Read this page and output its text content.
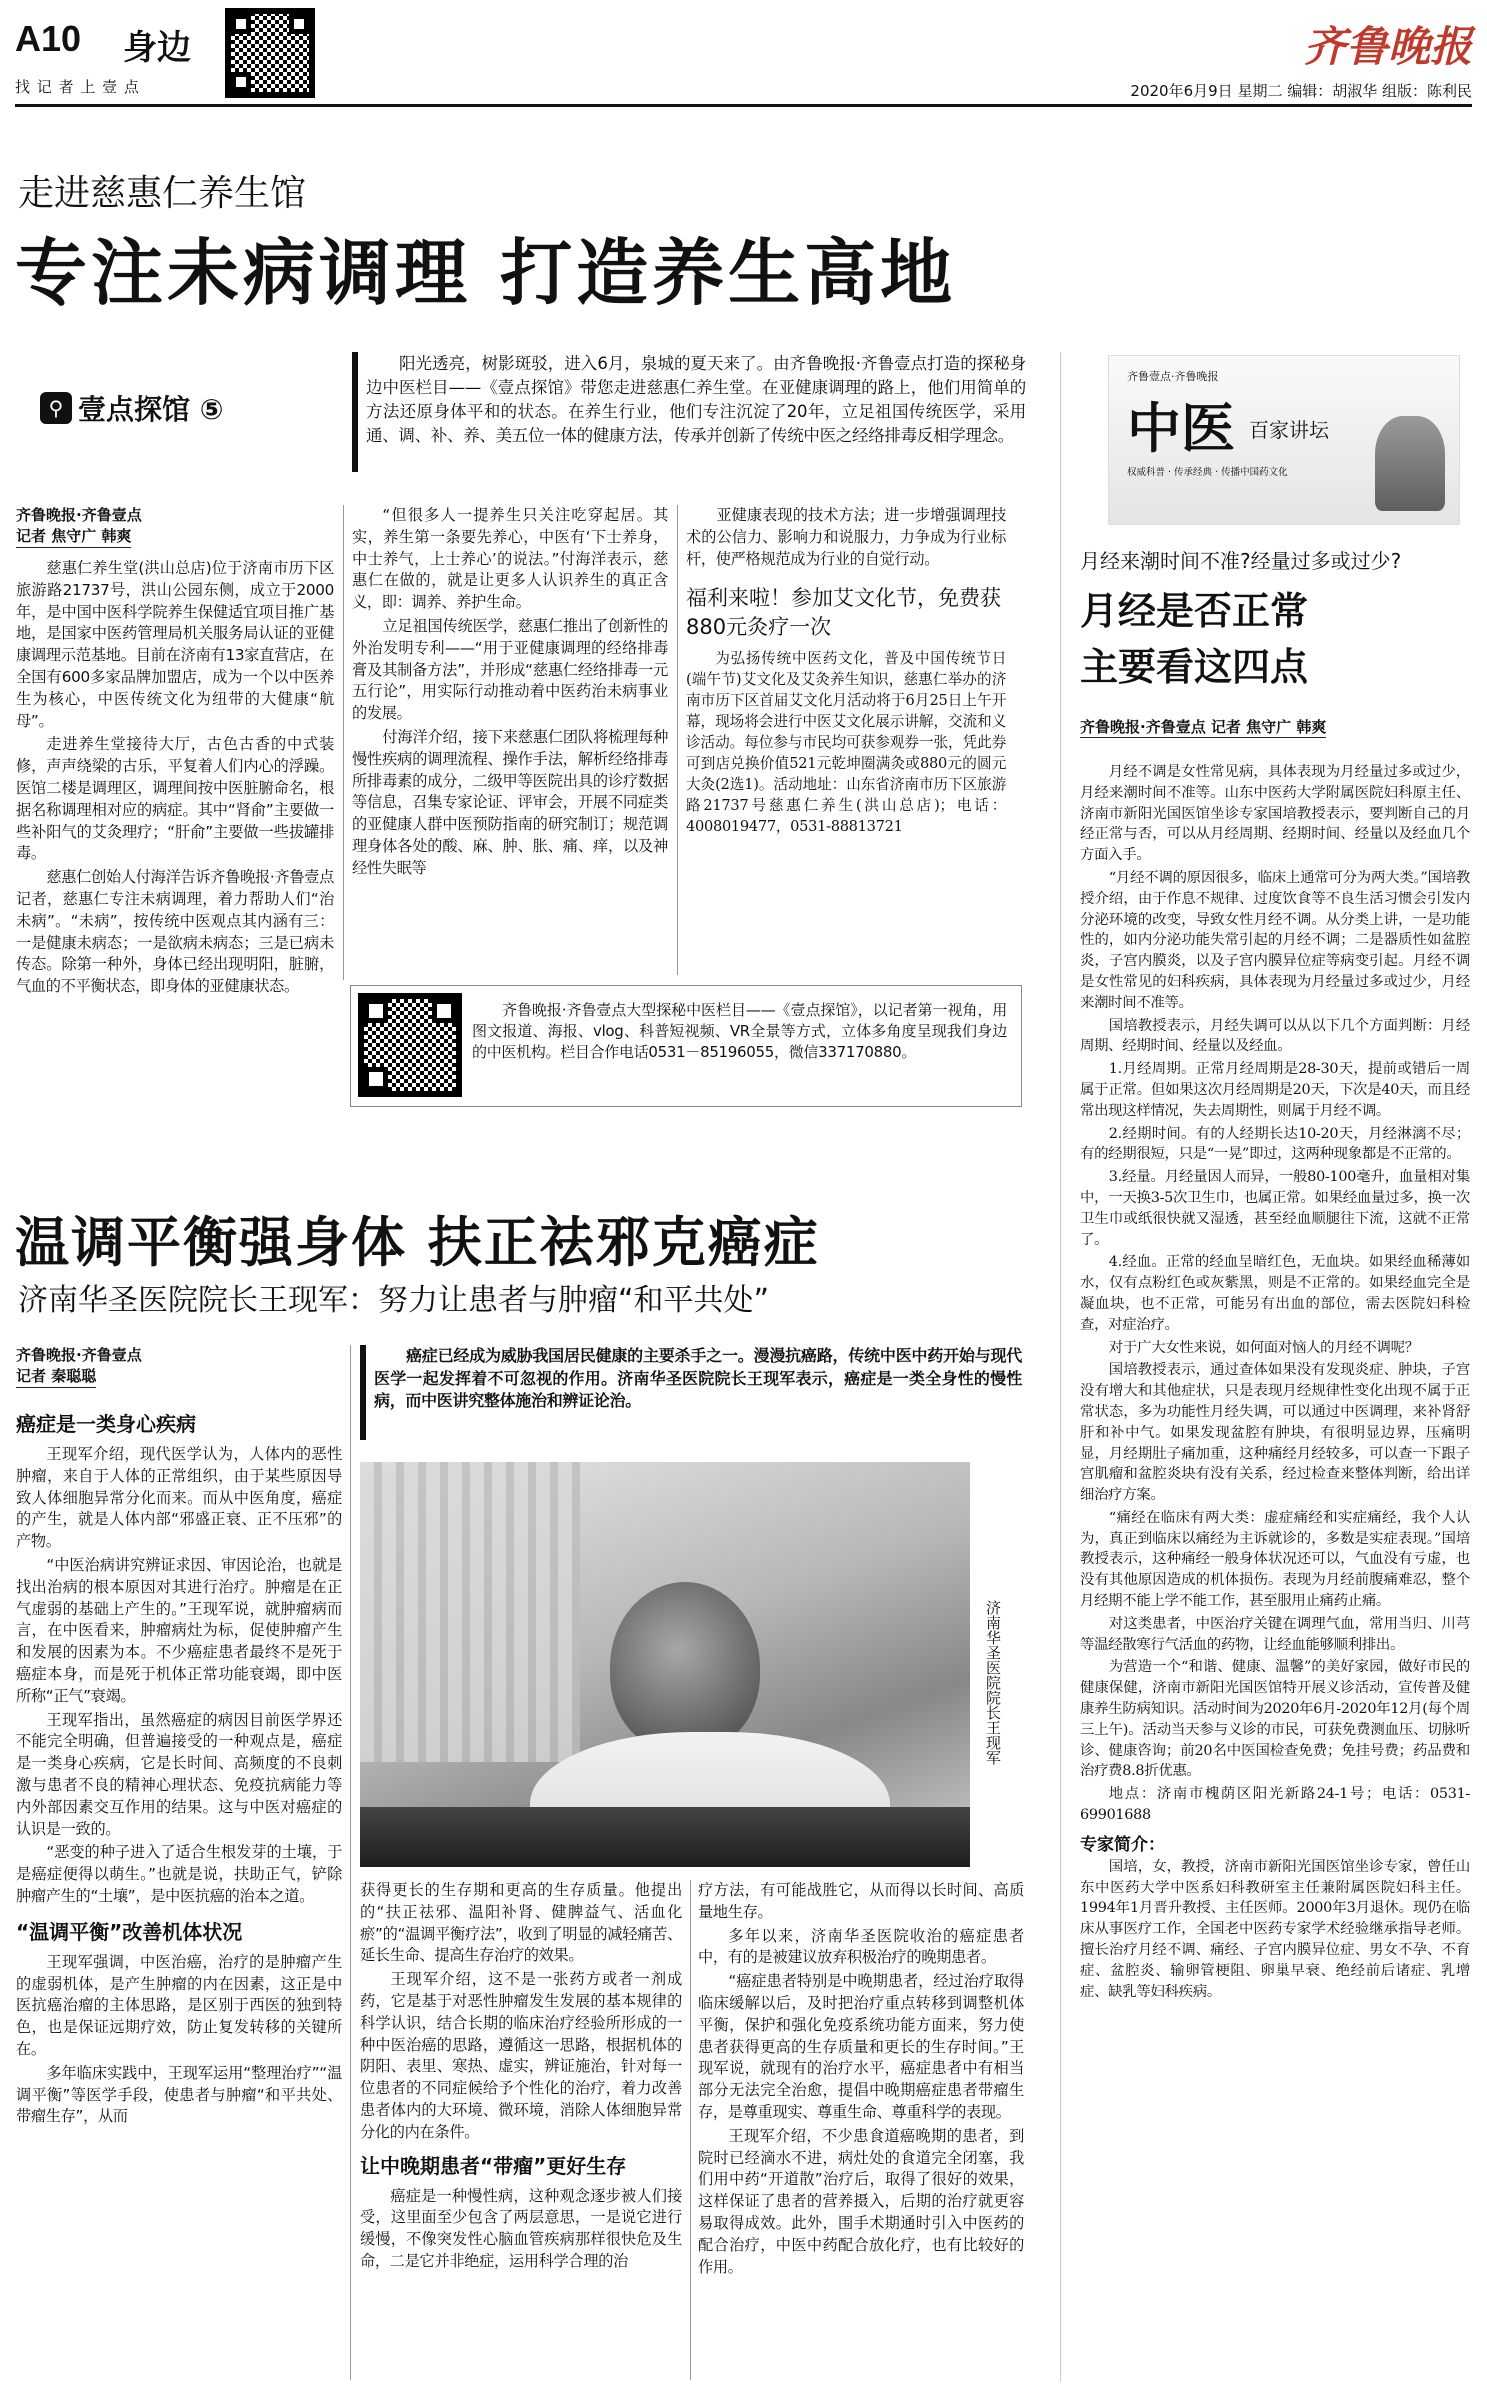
A10 身边
找 记 者 上 壹 点
齐鲁晚报
2020年6月9日 星期二 编辑：胡淑华 组版：陈利民
走进慈惠仁养生馆
专注未病调理 打造养生高地
⚲ 壹点探馆 ⑤

阳光透亮，树影斑驳，进入6月，泉城的夏天来了。由齐鲁晚报·齐鲁壹点打造的探秘身边中医栏目——《壹点探馆》带您走进慈惠仁养生堂。在亚健康调理的路上，他们用简单的方法还原身体平和的状态。在养生行业，他们专注沉淀了20年，立足祖国传统医学，采用通、调、补、养、美五位一体的健康方法，传承并创新了传统中医之经络排毒反相学理念。

齐鲁晚报·齐鲁壹点
记者 焦守广 韩爽

慈惠仁养生堂(洪山总店)位于济南市历下区旅游路21737号，洪山公园东侧，成立于2000年，是中国中医科学院养生保健适宜项目推广基地，是国家中医药管理局机关服务局认证的亚健康调理示范基地。目前在济南有13家直营店，在全国有600多家品牌加盟店，成为一个以中医养生为核心，中医传统文化为纽带的大健康“航母”。

走进养生堂接待大厅，古色古香的中式装修，声声绕梁的古乐，平复着人们内心的浮躁。医馆二楼是调理区，调理间按中医脏腑命名，根据名称调理相对应的病症。其中“肾俞”主要做一些补阳气的艾灸理疗；“肝俞”主要做一些拔罐排毒。

慈惠仁创始人付海洋告诉齐鲁晚报·齐鲁壹点记者，慈惠仁专注未病调理，着力帮助人们“治未病”。“未病”，按传统中医观点其内涵有三：一是健康未病态；一是欲病未病态；三是已病未传态。除第一种外，身体已经出现明阳，脏腑，气血的不平衡状态，即身体的亚健康状态。

“但很多人一提养生只关注吃穿起居。其实，养生第一条要先养心，中医有‘下士养身，中士养气，上士养心’的说法。”付海洋表示，慈惠仁在做的，就是让更多人认识养生的真正含义，即：调养、养护生命。

立足祖国传统医学，慈惠仁推出了创新性的外治发明专利——“用于亚健康调理的经络排毒膏及其制备方法”，并形成“慈惠仁经络排毒一元五行论”，用实际行动推动着中医药治未病事业的发展。

付海洋介绍，接下来慈惠仁团队将梳理每种慢性疾病的调理流程、操作手法，解析经络排毒所排毒素的成分，二级甲等医院出具的诊疗数据等信息，召集专家论证、评审会，开展不同症类的亚健康人群中医预防指南的研究制订；规范调理身体各处的酸、麻、肿、胀、痛、痒，以及神经性失眠等

亚健康表现的技术方法；进一步增强调理技术的公信力、影响力和说服力，力争成为行业标杆，使严格规范成为行业的自觉行动。

福利来啦！参加艾文化节，免费获880元灸疗一次

为弘扬传统中医药文化，普及中国传统节日(端午节)艾文化及艾灸养生知识，慈惠仁举办的济南市历下区首届艾文化月活动将于6月25日上午开幕，现场将会进行中医艾文化展示讲解，交流和义诊活动。每位参与市民均可获参观券一张，凭此券可到店兑换价值521元乾坤圈满灸或880元的圆元大灸(2选1)。活动地址：山东省济南市历下区旅游路21737号慈惠仁养生(洪山总店)；电话：4008019477，0531-88813721

齐鲁晚报·齐鲁壹点大型探秘中医栏目——《壹点探馆》，以记者第一视角，用图文报道、海报、vlog、科普短视频、VR全景等方式，立体多角度呈现我们身边的中医机构。栏目合作电话0531－85196055，微信337170880。

温调平衡强身体 扶正祛邪克癌症
济南华圣医院院长王现军：努力让患者与肿瘤“和平共处”
齐鲁晚报·齐鲁壹点
记者 秦聪聪
癌症是一类身心疾病

王现军介绍，现代医学认为，人体内的恶性肿瘤，来自于人体的正常组织，由于某些原因导致人体细胞异常分化而来。而从中医角度，癌症的产生，就是人体内部“邪盛正衰、正不压邪”的产物。

“中医治病讲究辨证求因、审因论治，也就是找出治病的根本原因对其进行治疗。肿瘤是在正气虚弱的基础上产生的。”王现军说，就肿瘤病而言，在中医看来，肿瘤病灶为标，促使肿瘤产生和发展的因素为本。不少癌症患者最终不是死于癌症本身，而是死于机体正常功能衰竭，即中医所称“正气”衰竭。

王现军指出，虽然癌症的病因目前医学界还不能完全明确，但普遍接受的一种观点是，癌症是一类身心疾病，它是长时间、高频度的不良刺激与患者不良的精神心理状态、免疫抗病能力等内外部因素交互作用的结果。这与中医对癌症的认识是一致的。

“恶变的种子进入了适合生根发芽的土壤，于是癌症便得以萌生。”也就是说，扶助正气，铲除肿瘤产生的“土壤”，是中医抗癌的治本之道。

“温调平衡”改善机体状况

王现军强调，中医治癌，治疗的是肿瘤产生的虚弱机体，是产生肿瘤的内在因素，这正是中医抗癌治瘤的主体思路，是区别于西医的独到特色，也是保证远期疗效，防止复发转移的关键所在。

多年临床实践中，王现军运用“整理治疗”“温调平衡”等医学手段，使患者与肿瘤“和平共处、带瘤生存”，从而

癌症已经成为威胁我国居民健康的主要杀手之一。漫漫抗癌路，传统中医中药开始与现代医学一起发挥着不可忽视的作用。济南华圣医院院长王现军表示，癌症是一类全身性的慢性病，而中医讲究整体施治和辨证论治。

济南华圣医院院长王现军

获得更长的生存期和更高的生存质量。他提出的“扶正祛邪、温阳补肾、健脾益气、活血化瘀”的“温调平衡疗法”，收到了明显的减轻痛苦、延长生命、提高生存治疗的效果。

王现军介绍，这不是一张药方或者一剂成药，它是基于对恶性肿瘤发生发展的基本规律的科学认识，结合长期的临床治疗经验所形成的一种中医治癌的思路，遵循这一思路，根据机体的阴阳、表里、寒热、虚实，辨证施治，针对每一位患者的不同症候给予个性化的治疗，着力改善患者体内的大环境、微环境，消除人体细胞异常分化的内在条件。

让中晚期患者“带瘤”更好生存

癌症是一种慢性病，这种观念逐步被人们接受，这里面至少包含了两层意思，一是说它进行缓慢，不像突发性心脑血管疾病那样很快危及生命，二是它并非绝症，运用科学合理的治

疗方法，有可能战胜它，从而得以长时间、高质量地生存。

多年以来，济南华圣医院收治的癌症患者中，有的是被建议放弃积极治疗的晚期患者。

“癌症患者特别是中晚期患者，经过治疗取得临床缓解以后，及时把治疗重点转移到调整机体平衡，保护和强化免疫系统功能方面来，努力使患者获得更高的生存质量和更长的生存时间。”王现军说，就现有的治疗水平，癌症患者中有相当部分无法完全治愈，提倡中晚期癌症患者带瘤生存，是尊重现实、尊重生命、尊重科学的表现。

王现军介绍，不少患食道癌晚期的患者，到院时已经滴水不进，病灶处的食道完全闭塞，我们用中药“开道散”治疗后，取得了很好的效果，这样保证了患者的营养摄入，后期的治疗就更容易取得成效。此外，围手术期通时引入中医药的配合治疗，中医中药配合放化疗，也有比较好的作用。

齐鲁壹点·齐鲁晚报
中医 百家讲坛
权威科普 · 传承经典 · 传播中国药文化
月经来潮时间不准?经量过多或过少?
月经是否正常
主要看这四点
齐鲁晚报·齐鲁壹点 记者 焦守广 韩爽

月经不调是女性常见病，具体表现为月经量过多或过少，月经来潮时间不准等。山东中医药大学附属医院妇科原主任、济南市新阳光国医馆坐诊专家国培教授表示，要判断自己的月经正常与否，可以从月经周期、经期时间、经量以及经血几个方面入手。

“月经不调的原因很多，临床上通常可分为两大类。”国培教授介绍，由于作息不规律、过度饮食等不良生活习惯会引发内分泌环境的改变，导致女性月经不调。从分类上讲，一是功能性的，如内分泌功能失常引起的月经不调；二是器质性如盆腔炎，子宫内膜炎，以及子宫内膜异位症等病变引起。月经不调是女性常见的妇科疾病，具体表现为月经量过多或过少，月经来潮时间不准等。

国培教授表示，月经失调可以从以下几个方面判断：月经周期、经期时间、经量以及经血。

1.月经周期。正常月经周期是28-30天，提前或错后一周属于正常。但如果这次月经周期是20天，下次是40天，而且经常出现这样情况，失去周期性，则属于月经不调。

2.经期时间。有的人经期长达10-20天，月经淋漓不尽；有的经期很短，只是“一晃”即过，这两种现象都是不正常的。

3.经量。月经量因人而异，一般80-100毫升，血量相对集中，一天换3-5次卫生巾，也属正常。如果经血量过多，换一次卫生巾或纸很快就又湿透，甚至经血顺腿往下流，这就不正常了。

4.经血。正常的经血呈暗红色，无血块。如果经血稀薄如水，仅有点粉红色或灰紫黑，则是不正常的。如果经血完全是凝血块，也不正常，可能另有出血的部位，需去医院妇科检查，对症治疗。

对于广大女性来说，如何面对恼人的月经不调呢？

国培教授表示，通过查体如果没有发现炎症、肿块，子宫没有增大和其他症状，只是表现月经规律性变化出现不属于正常状态，多为功能性月经失调，可以通过中医调理，来补肾舒肝和补中气。如果发现盆腔有肿块，有很明显边界，压痛明显，月经期肚子痛加重，这种痛经月经较多，可以查一下跟子宫肌瘤和盆腔炎块有没有关系，经过检查来整体判断，给出详细治疗方案。

“痛经在临床有两大类：虚症痛经和实症痛经，我个人认为，真正到临床以痛经为主诉就诊的，多数是实症表现。”国培教授表示，这种痛经一般身体状况还可以，气血没有亏虚，也没有其他原因造成的机体损伤。表现为月经前腹痛难忍，整个月经期不能上学不能工作，甚至服用止痛药止痛。

对这类患者，中医治疗关键在调理气血，常用当归、川芎等温经散寒行气活血的药物，让经血能够顺利排出。

为营造一个“和谐、健康、温馨”的美好家园，做好市民的健康保健，济南市新阳光国医馆特开展义诊活动，宣传普及健康养生防病知识。活动时间为2020年6月-2020年12月(每个周三上午)。活动当天参与义诊的市民，可获免费测血压、切脉听诊、健康咨询；前20名中医国检查免费；免挂号费；药品费和治疗费8.8折优惠。

地点：济南市槐荫区阳光新路24-1号；电话：0531-69901688

专家简介：

国培，女，教授，济南市新阳光国医馆坐诊专家，曾任山东中医药大学中医系妇科教研室主任兼附属医院妇科主任。1994年1月晋升教授、主任医师。2000年3月退休。现仍在临床从事医疗工作，全国老中医药专家学术经验继承指导老师。擅长治疗月经不调、痛经、子宫内膜异位症、男女不孕、不育症、盆腔炎、输卵管梗阻、卵巢早衰、绝经前后诸症、乳增症、缺乳等妇科疾病。
